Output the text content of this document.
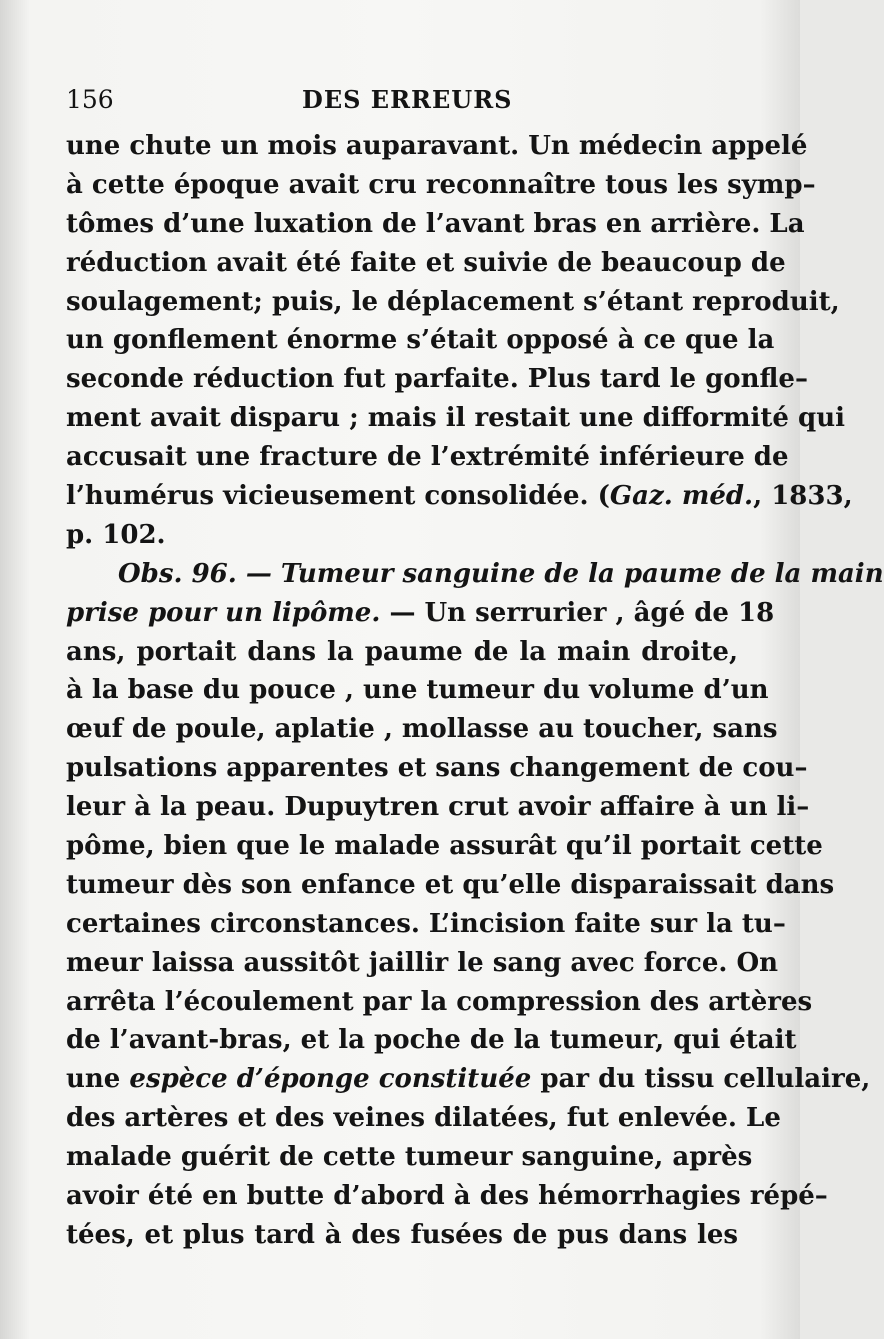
156	DES ERREURS
une chute un mois auparavant. Un médecin appelé
à cette époque avait cru reconnaître tous les symp–
tômes d’une luxation de l’avant bras en arrière. La
réduction avait été faite et suivie de beaucoup de
soulagement; puis, le déplacement s’étant reproduit,
un gonflement énorme s’était opposé à ce que la
seconde réduction fut parfaite. Plus tard le gonfle–
ment avait disparu ; mais il restait une difformité qui
accusait une fracture de l’extrémité inférieure de
l’humérus vicieusement consolidée. (Gaz. méd., 1833,
p. 102.
Obs. 96. — Tumeur sanguine de la paume de la main
prise pour un lipôme. — Un serrurier , âgé de 18
ans, portait dans la paume de la main droite,
à la base du pouce , une tumeur du volume d’un
œuf de poule, aplatie , mollasse au toucher, sans
pulsations apparentes et sans changement de cou–
leur à la peau. Dupuytren crut avoir affaire à un li–
pôme, bien que le malade assurât qu’il portait cette
tumeur dès son enfance et qu’elle disparaissait dans
certaines circonstances. L’incision faite sur la tu–
meur laissa aussitôt jaillir le sang avec force. On
arrêta l’écoulement par la compression des artères
de l’avant-bras, et la poche de la tumeur, qui était
une espèce d’éponge constituée par du tissu cellulaire,
des artères et des veines dilatées, fut enlevée. Le
malade guérit de cette tumeur sanguine, après
avoir été en butte d’abord à des hémorrhagies répé–
tées, et plus tard à des fusées de pus dans les
